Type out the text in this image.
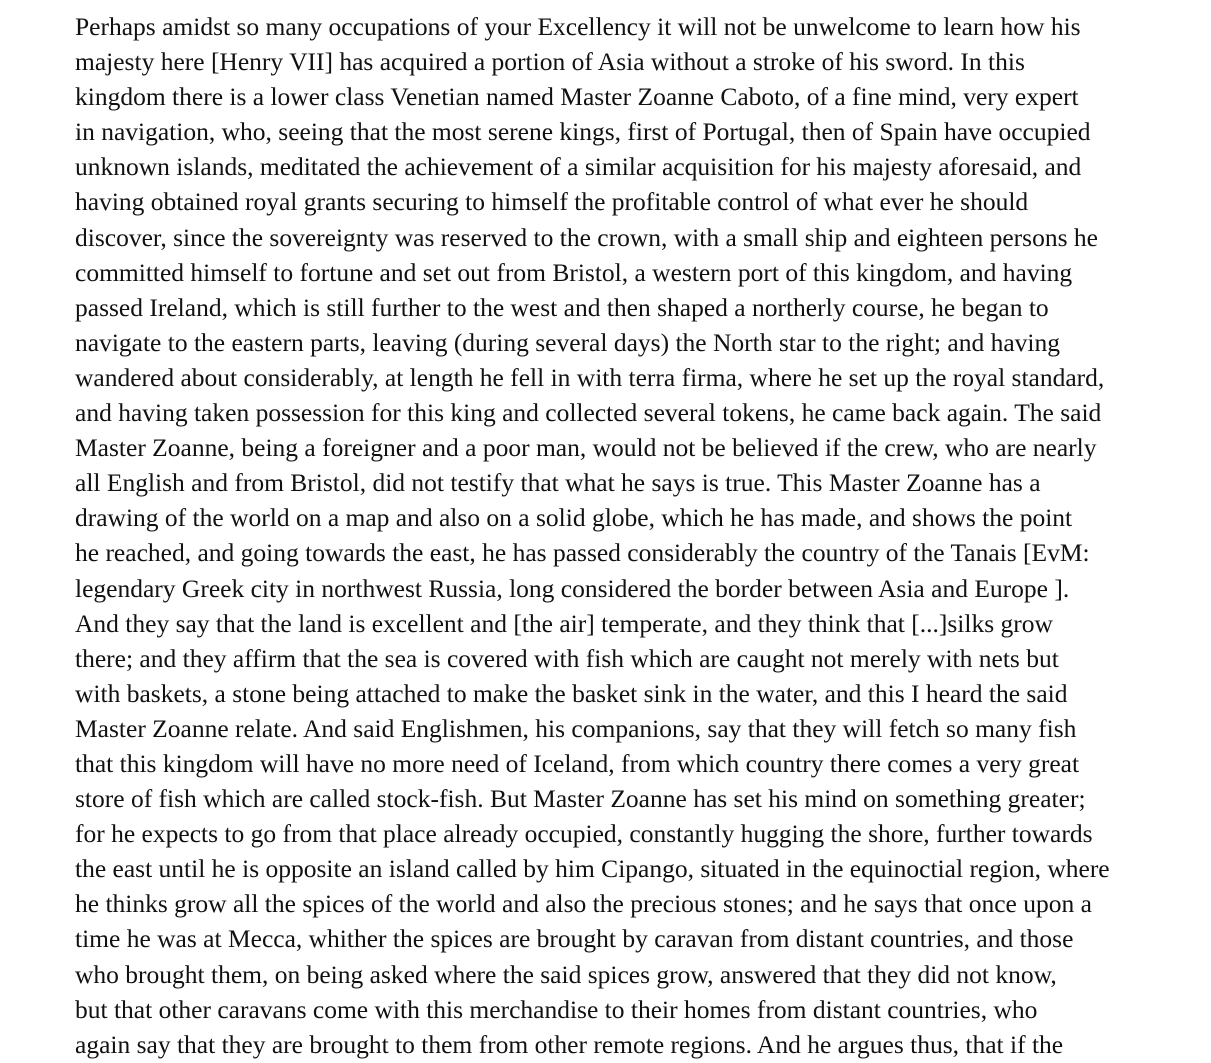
Perhaps amidst so many occupations of your Excellency it will not be unwelcome to learn how his
majesty here [Henry VII] has acquired a portion of Asia without a stroke of his sword. In this
kingdom there is a lower class Venetian named Master Zoanne Caboto, of a fine mind, very expert
in navigation, who, seeing that the most serene kings, first of Portugal, then of Spain have occupied
unknown islands, meditated the achievement of a similar acquisition for his majesty aforesaid, and
having obtained royal grants securing to himself the profitable control of what ever he should
discover, since the sovereignty was reserved to the crown, with a small ship and eighteen persons he
committed himself to fortune and set out from Bristol, a western port of this kingdom, and having
passed Ireland, which is still further to the west and then shaped a northerly course, he began to
navigate to the eastern parts, leaving (during several days) the North star to the right; and having
wandered about considerably, at length he fell in with terra firma, where he set up the royal standard,
and having taken possession for this king and collected several tokens, he came back again. The said
Master Zoanne, being a foreigner and a poor man, would not be believed if the crew, who are nearly
all English and from Bristol, did not testify that what he says is true. This Master Zoanne has a
drawing of the world on a map and also on a solid globe, which he has made, and shows the point
he reached, and going towards the east, he has passed considerably the country of the Tanais [EvM:
legendary Greek city in northwest Russia, long considered the border between Asia and Europe ].
And they say that the land is excellent and [the air] temperate, and they think that [...]silks grow
there; and they affirm that the sea is covered with fish which are caught not merely with nets but
with baskets, a stone being attached to make the basket sink in the water, and this I heard the said
Master Zoanne relate. And said Englishmen, his companions, say that they will fetch so many fish
that this kingdom will have no more need of Iceland, from which country there comes a very great
store of fish which are called stock-fish. But Master Zoanne has set his mind on something greater;
for he expects to go from that place already occupied, constantly hugging the shore, further towards
the east until he is opposite an island called by him Cipango, situated in the equinoctial region, where
he thinks grow all the spices of the world and also the precious stones; and he says that once upon a
time he was at Mecca, whither the spices are brought by caravan from distant countries, and those
who brought them, on being asked where the said spices grow, answered that they did not know,
but that other caravans come with this merchandise to their homes from distant countries, who
again say that they are brought to them from other remote regions. And he argues thus, that if the
